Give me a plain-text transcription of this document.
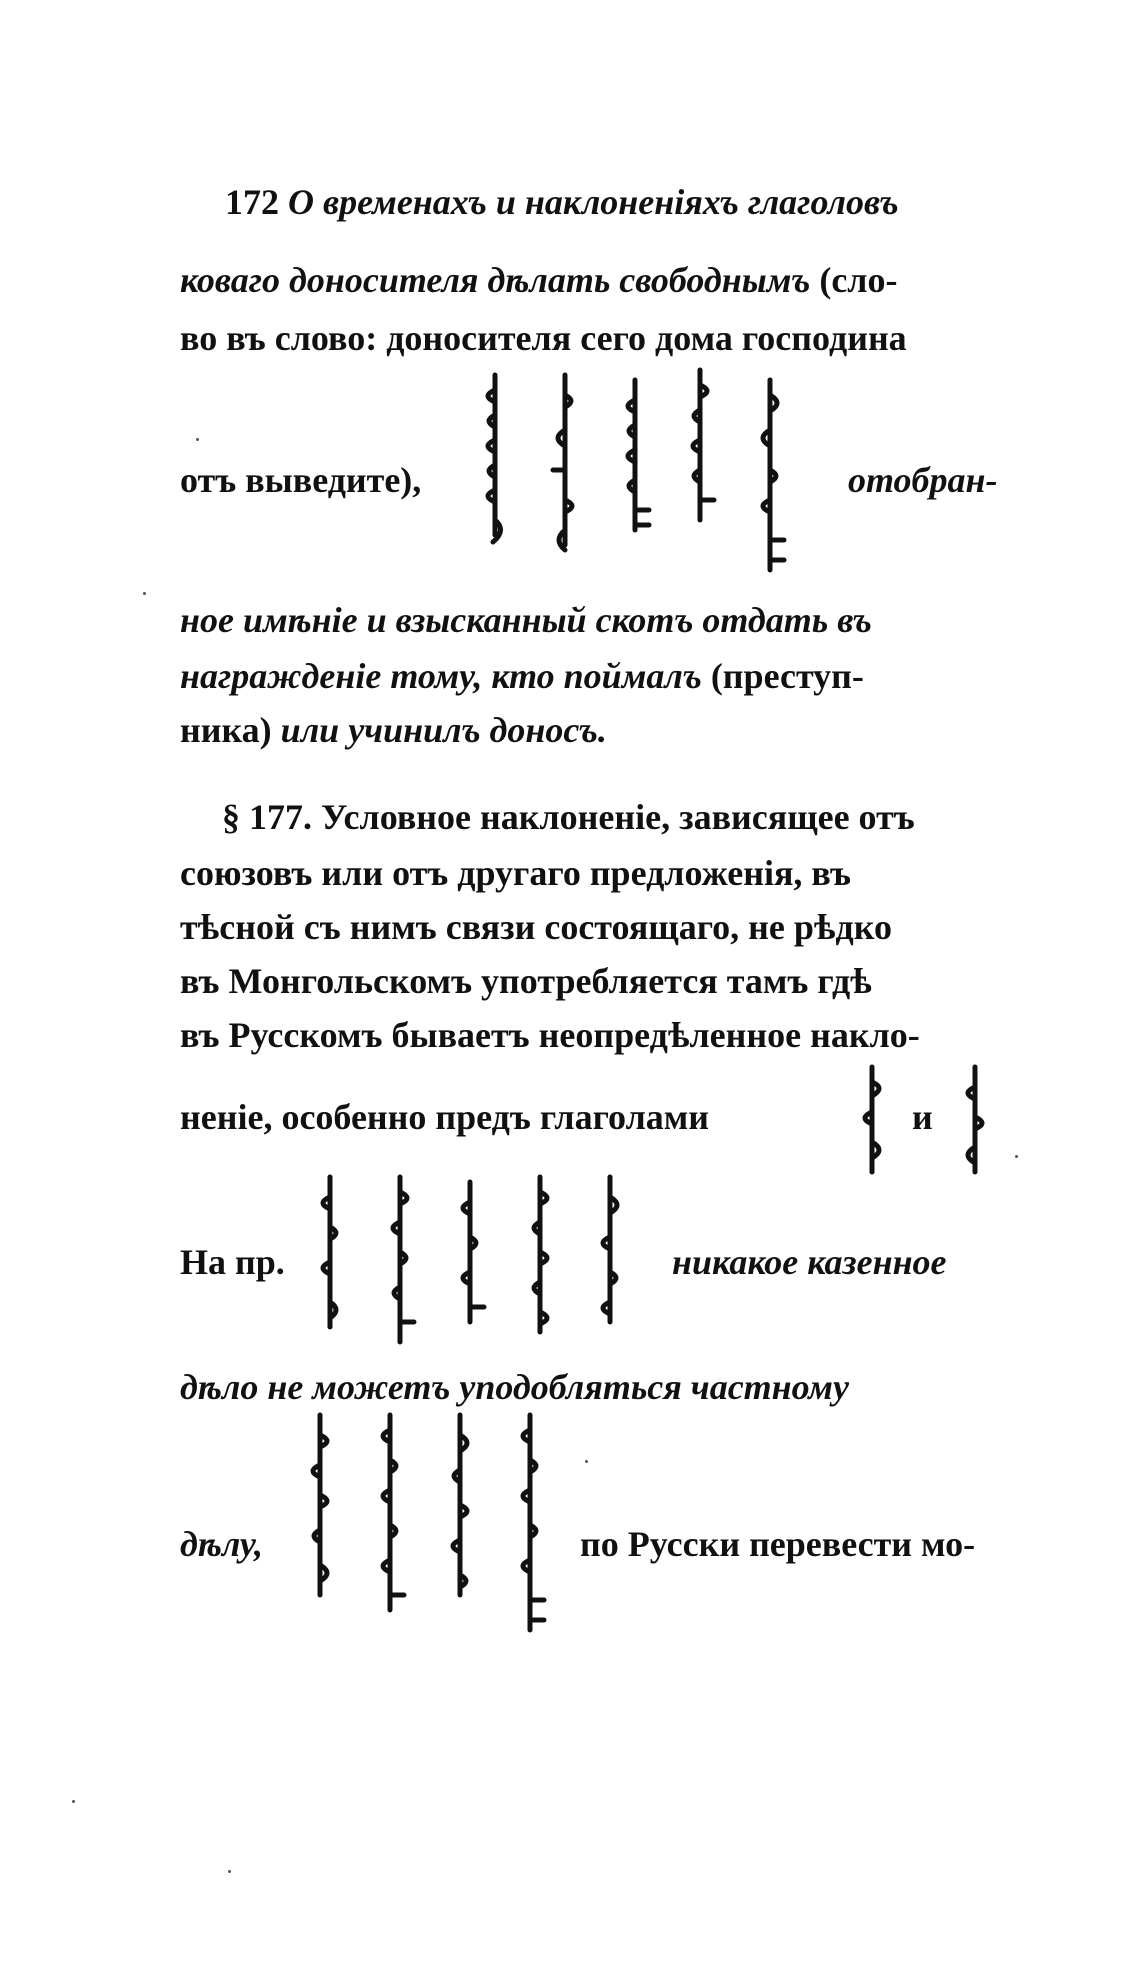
172 О временахъ и наклоненіяхъ глаголовъ
коваго доносителя дѣлать свободнымъ (сло-
во въ слово: доносителя сего дома господина
отъ выведите),	отобран-
ное имѣніе и взысканный скотъ отдать въ
награжденіе тому, кто поймалъ (преступ-
ника) или учинилъ доносъ.
§ 177. Условное наклоненіе, зависящее отъ
союзовъ или отъ другаго предложенія, въ
тѣсной съ нимъ связи состоящаго, не рѣдко
въ Монгольскомъ употребляется тамъ гдѣ
въ Русскомъ бываетъ неопредѣленное накло-
неніе, особенно предъ глаголами	и
На пр.	никакое казенное
дѣло не можетъ уподобляться частному
дѣлу,	по Русски перевести мо-
